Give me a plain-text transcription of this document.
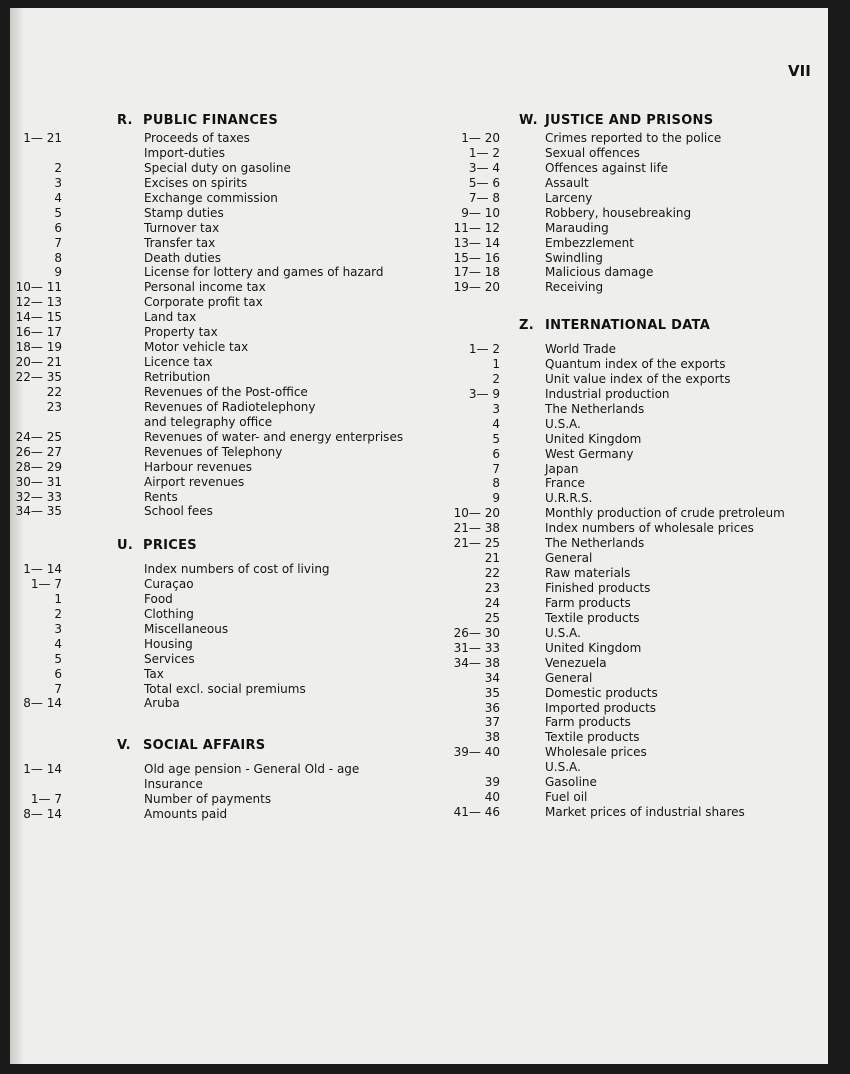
VII
R. PUBLIC FINANCES
1— 21	Proceeds of taxes
Import-duties
2	Special duty on gasoline
3	Excises on spirits
4	Exchange commission
5	Stamp duties
6	Turnover tax
7	Transfer tax
8	Death duties
9	License for lottery and games of hazard
10— 11	Personal income tax
12— 13	Corporate profit tax
14— 15	Land tax
16— 17	Property tax
18— 19	Motor vehicle tax
20— 21	Licence tax
22— 35	Retribution
22	Revenues of the Post-office
23	Revenues of Radiotelephony
and telegraphy office
24— 25	Revenues of water- and energy enterprises
26— 27	Revenues of Telephony
28— 29	Harbour revenues
30— 31	Airport revenues
32— 33	Rents
34— 35	School fees
U. PRICES
1— 14	Index numbers of cost of living
1— 7	Curaçao
1	Food
2	Clothing
3	Miscellaneous
4	Housing
5	Services
6	Tax
7	Total excl. social premiums
8— 14	Aruba
V. SOCIAL AFFAIRS
1— 14	Old age pension - General Old - age
Insurance
1— 7	Number of payments
8— 14	Amounts paid
W. JUSTICE AND PRISONS
1— 20	Crimes reported to the police
1— 2	Sexual offences
3— 4	Offences against life
5— 6	Assault
7— 8	Larceny
9— 10	Robbery, housebreaking
11— 12	Marauding
13— 14	Embezzlement
15— 16	Swindling
17— 18	Malicious damage
19— 20	Receiving
Z. INTERNATIONAL DATA
1— 2	World Trade
1	Quantum index of the exports
2	Unit value index of the exports
3— 9	Industrial production
3	The Netherlands
4	U.S.A.
5	United Kingdom
6	West Germany
7	Japan
8	France
9	U.R.R.S.
10— 20	Monthly production of crude pretroleum
21— 38	Index numbers of wholesale prices
21— 25	The Netherlands
21	General
22	Raw materials
23	Finished products
24	Farm products
25	Textile products
26— 30	U.S.A.
31— 33	United Kingdom
34— 38	Venezuela
34	General
35	Domestic products
36	Imported products
37	Farm products
38	Textile products
39— 40	Wholesale prices
U.S.A.
39	Gasoline
40	Fuel oil
41— 46	Market prices of industrial shares
